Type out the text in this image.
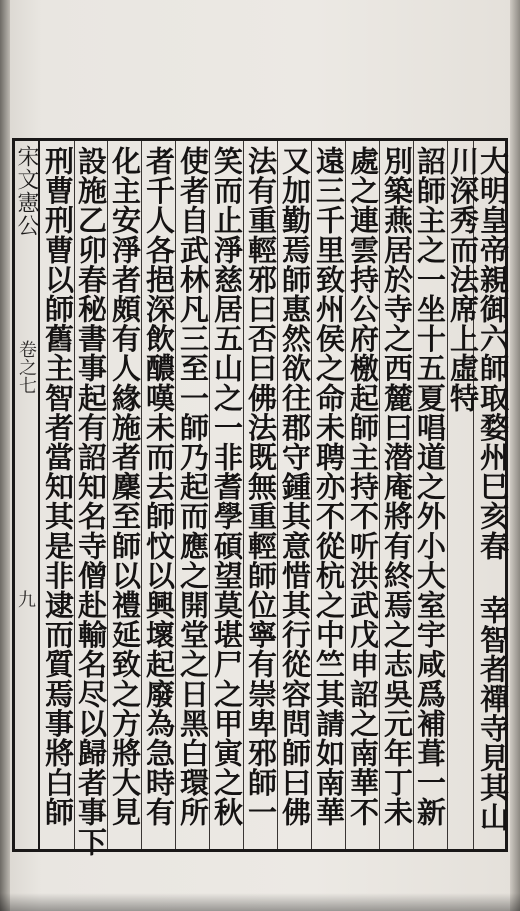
宋文憲公
卷之七
九	大明皇帝親御六師取婺州巳亥春 幸智者禪寺見其山
川深秀而法席上虛特
詔師主之一坐十五夏唱道之外小大室宇咸爲補葺一新
別築燕居於寺之西麓曰潜庵將有終焉之志吳元年丁未
處之連雲持公府檄起師主持不听洪武戊申詔之南華不
遠三千里致州侯之命未聘亦不從杭之中竺其請如南華
又加勤焉師惠然欲往郡守鍾其意惜其行從容問師曰佛
法有重輕邪曰否曰佛法既無重輕師位寧有崇卑邪師一
笑而止淨慈居五山之一非耆學碩望莫堪尸之甲寅之秋
使者自武林凡三至一師乃起而應之開堂之日黑白環所
者千人各挹深飲醲嘆未而去師忟以興壞起廢為急時有
化主安淨者頗有人緣施者麇至師以禮延致之方將大見
設施乙卯春秘書事起有詔知名寺僧赴輸名尽以歸者事下
刑曹刑曹以師舊主智者當知其是非逮而質焉事將白師
